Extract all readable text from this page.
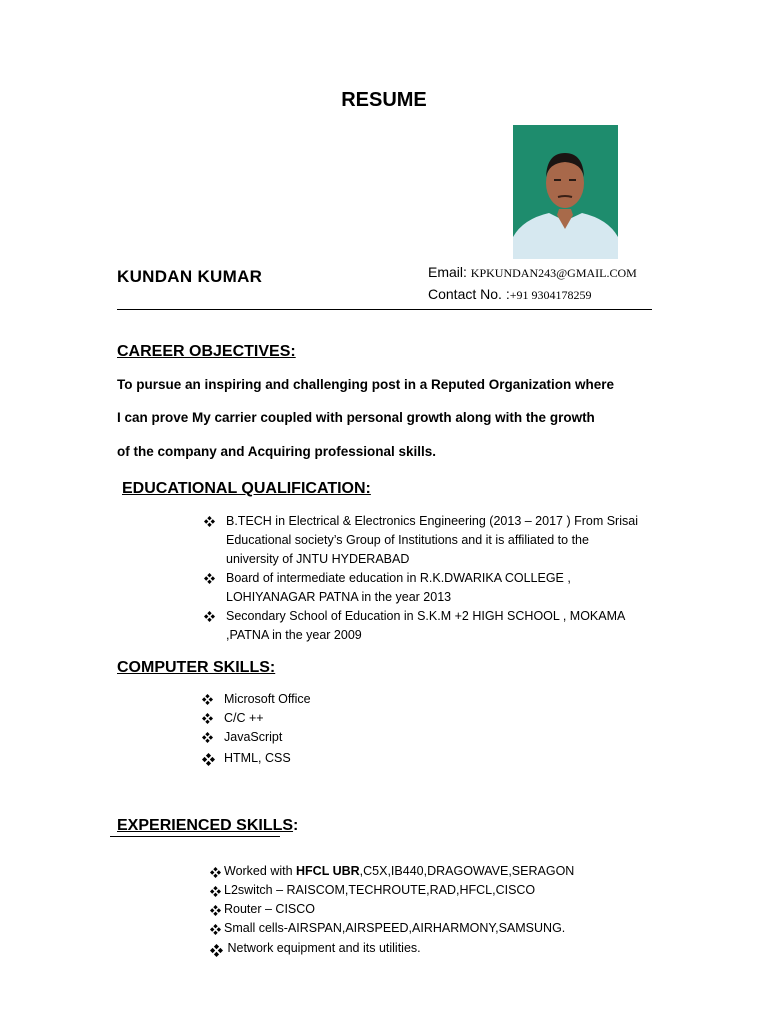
RESUME
KUNDAN KUMAR	Email: KPKUNDAN243@GMAIL.COM
Contact No. :+91 9304178259
CAREER OBJECTIVES:
To pursue an inspiring and challenging post in a Reputed Organization where
I can prove My carrier coupled with personal growth along with the growth
of the company and Acquiring professional skills.
EDUCATIONAL QUALIFICATION:
B.TECH in Electrical & Electronics Engineering (2013 – 2017 ) From Srisai
Educational society’s Group of Institutions and it is affiliated to the
university of JNTU HYDERABAD
Board of intermediate education in R.K.DWARIKA COLLEGE ,
LOHIYANAGAR PATNA in the year 2013
Secondary School of Education in S.K.M +2 HIGH SCHOOL , MOKAMA
,PATNA in the year 2009
COMPUTER SKILLS:
Microsoft Office
C/C ++
JavaScript
HTML, CSS
EXPERIENCED SKILLS:
Worked with HFCL UBR,C5X,IB440,DRAGOWAVE,SERAGON
L2switch – RAISCOM,TECHROUTE,RAD,HFCL,CISCO
Router – CISCO
Small cells-AIRSPAN,AIRSPEED,AIRHARMONY,SAMSUNG.
Network equipment and its utilities.
